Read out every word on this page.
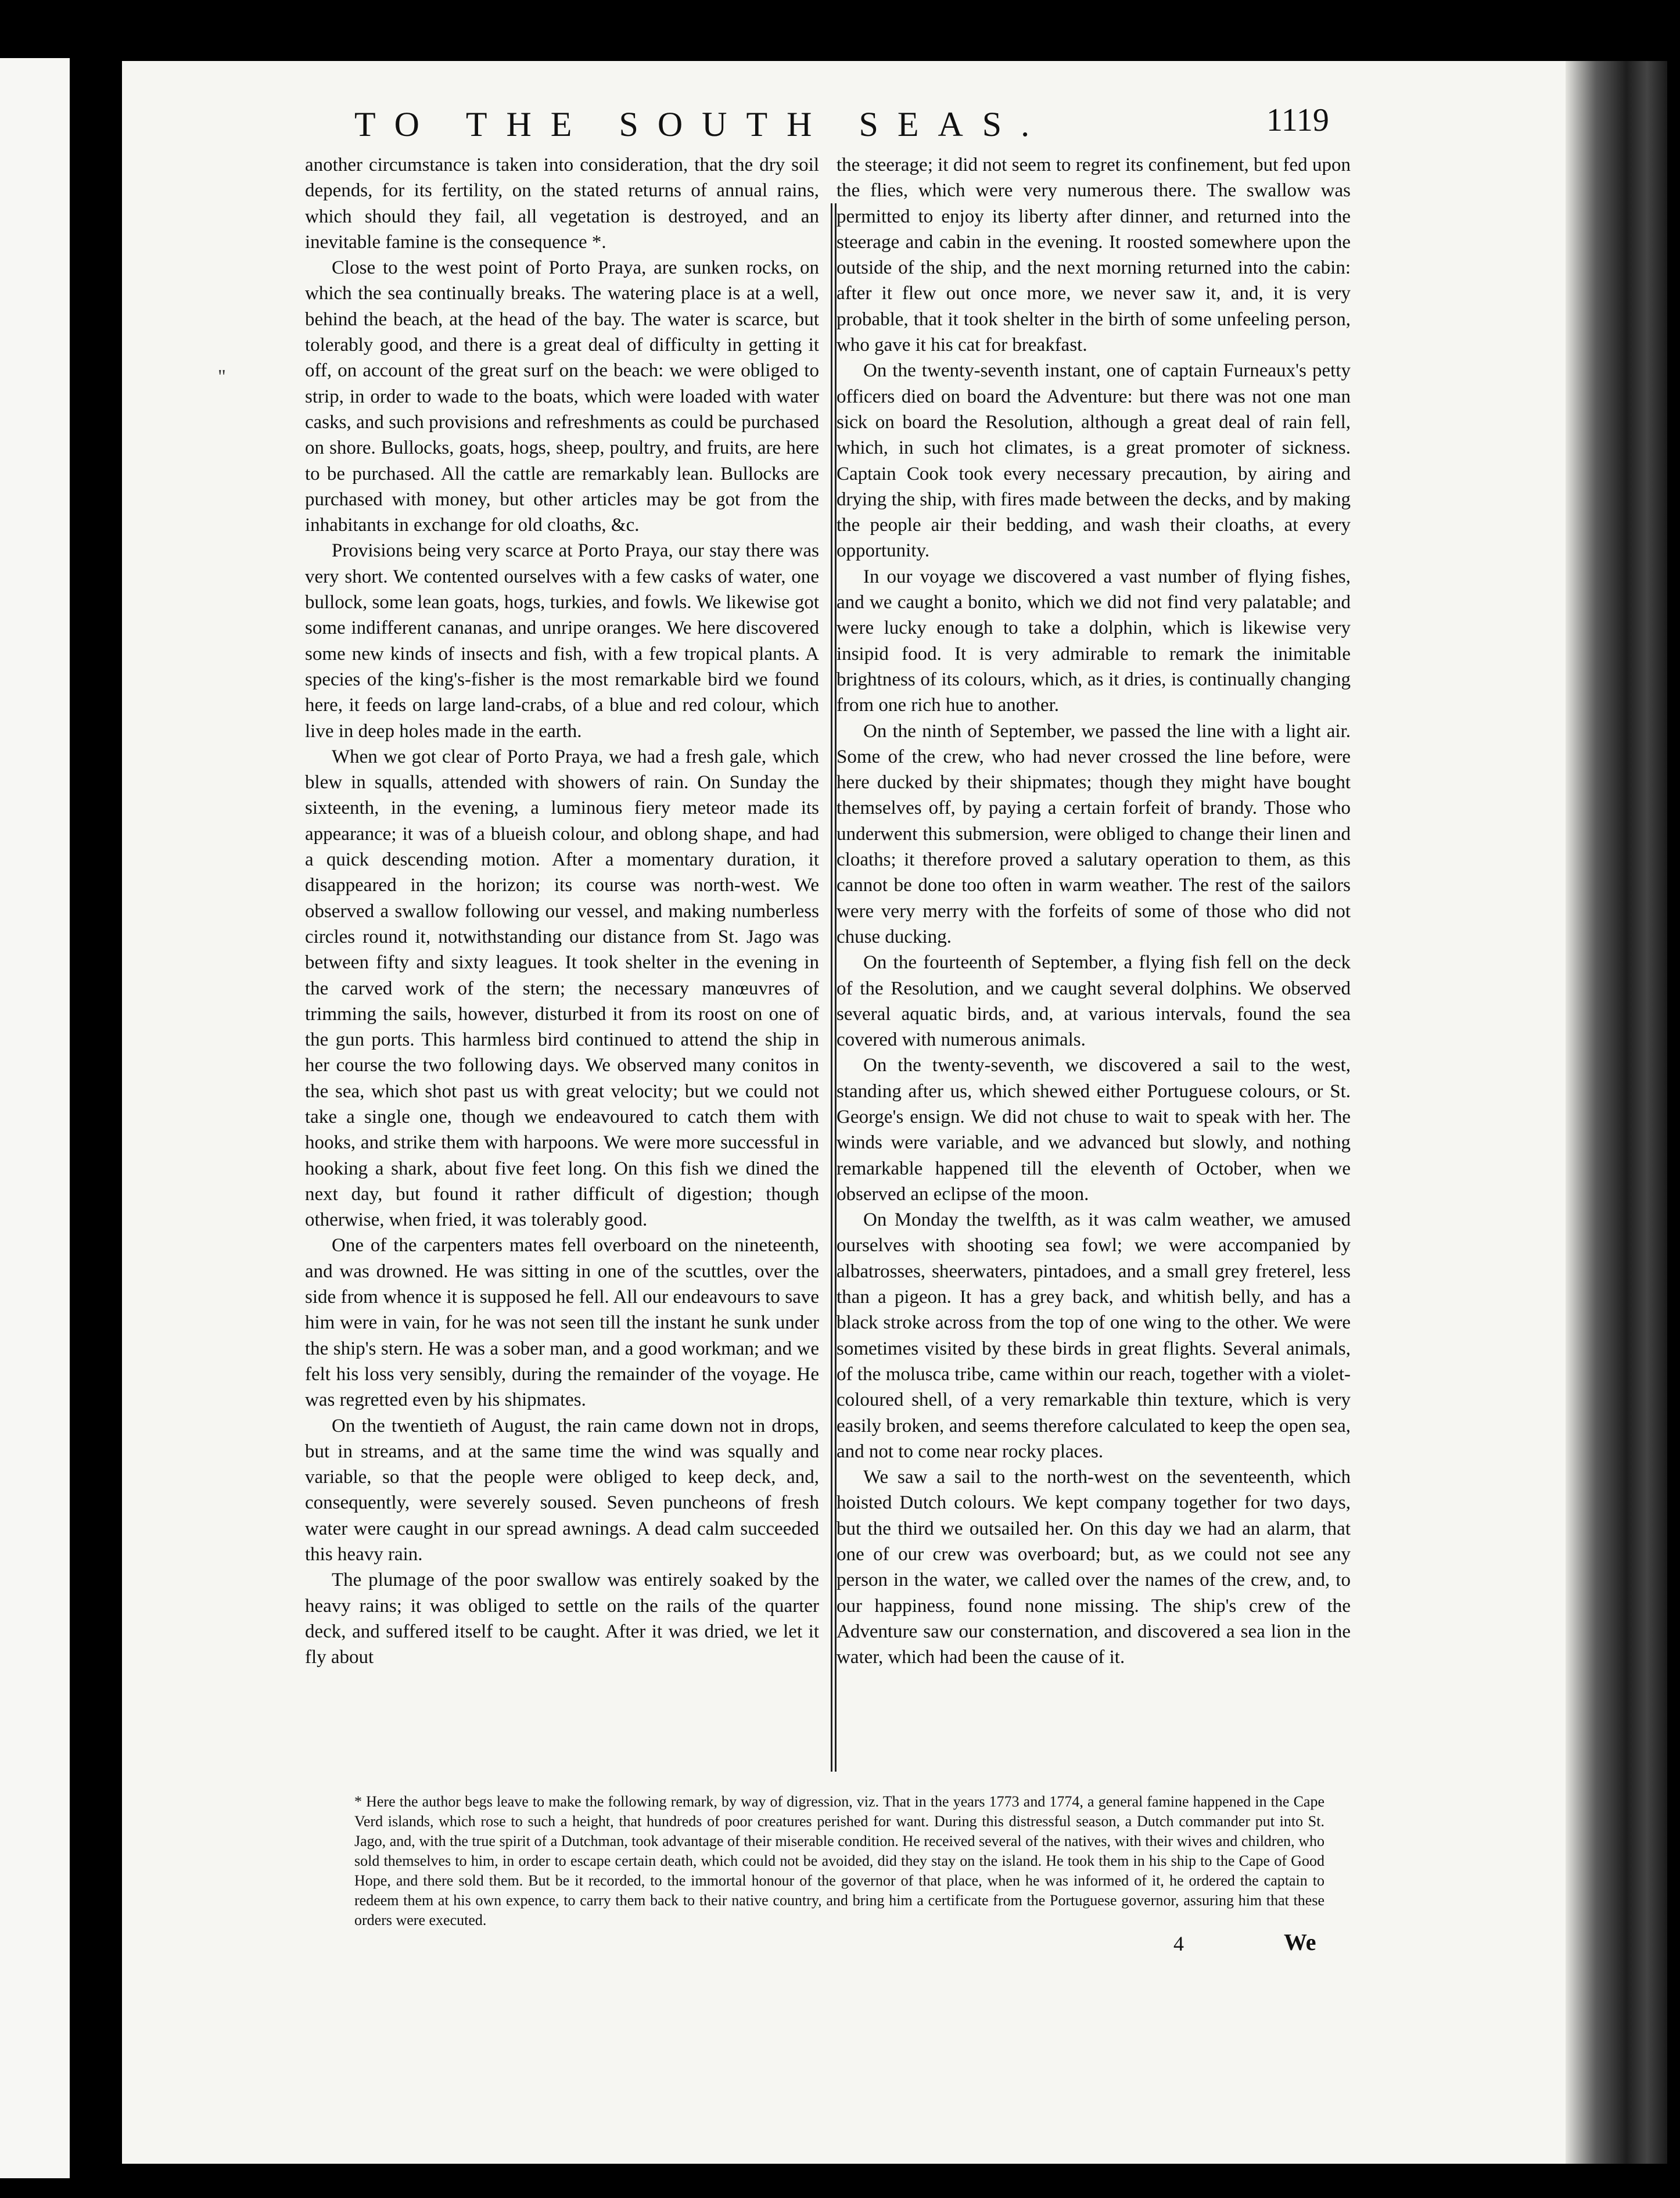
"
TO THE SOUTH SEAS.	1119

another circumstance is taken into consideration, that the dry soil depends, for its fertility, on the stated returns of annual rains, which should they fail, all vegetation is destroyed, and an inevitable famine is the consequence *.

Close to the west point of Porto Praya, are sunken rocks, on which the sea continually breaks. The watering place is at a well, behind the beach, at the head of the bay. The water is scarce, but tolerably good, and there is a great deal of difficulty in getting it off, on account of the great surf on the beach: we were obliged to strip, in order to wade to the boats, which were loaded with water casks, and such provisions and refreshments as could be purchased on shore. Bullocks, goats, hogs, sheep, poultry, and fruits, are here to be purchased. All the cattle are remarkably lean. Bullocks are purchased with money, but other articles may be got from the inhabitants in exchange for old cloaths, &c.

Provisions being very scarce at Porto Praya, our stay there was very short. We contented ourselves with a few casks of water, one bullock, some lean goats, hogs, turkies, and fowls. We likewise got some indifferent cananas, and unripe oranges. We here discovered some new kinds of insects and fish, with a few tropical plants. A species of the king's-fisher is the most remarkable bird we found here, it feeds on large land-crabs, of a blue and red colour, which live in deep holes made in the earth.

When we got clear of Porto Praya, we had a fresh gale, which blew in squalls, attended with showers of rain. On Sunday the sixteenth, in the evening, a luminous fiery meteor made its appearance; it was of a blueish colour, and oblong shape, and had a quick descending motion. After a momentary duration, it disappeared in the horizon; its course was north-west. We observed a swallow following our vessel, and making numberless circles round it, notwithstanding our distance from St. Jago was between fifty and sixty leagues. It took shelter in the evening in the carved work of the stern; the necessary manœuvres of trimming the sails, however, disturbed it from its roost on one of the gun ports. This harmless bird continued to attend the ship in her course the two following days. We observed many conitos in the sea, which shot past us with great velocity; but we could not take a single one, though we endeavoured to catch them with hooks, and strike them with harpoons. We were more successful in hooking a shark, about five feet long. On this fish we dined the next day, but found it rather difficult of digestion; though otherwise, when fried, it was tolerably good.

One of the carpenters mates fell overboard on the nineteenth, and was drowned. He was sitting in one of the scuttles, over the side from whence it is supposed he fell. All our endeavours to save him were in vain, for he was not seen till the instant he sunk under the ship's stern. He was a sober man, and a good workman; and we felt his loss very sensibly, during the remainder of the voyage. He was regretted even by his shipmates.

On the twentieth of August, the rain came down not in drops, but in streams, and at the same time the wind was squally and variable, so that the people were obliged to keep deck, and, consequently, were severely soused. Seven puncheons of fresh water were caught in our spread awnings. A dead calm succeeded this heavy rain.

The plumage of the poor swallow was entirely soaked by the heavy rains; it was obliged to settle on the rails of the quarter deck, and suffered itself to be caught. After it was dried, we let it fly about

the steerage; it did not seem to regret its confinement, but fed upon the flies, which were very numerous there. The swallow was permitted to enjoy its liberty after dinner, and returned into the steerage and cabin in the evening. It roosted somewhere upon the outside of the ship, and the next morning returned into the cabin: after it flew out once more, we never saw it, and, it is very probable, that it took shelter in the birth of some unfeeling person, who gave it his cat for breakfast.

On the twenty-seventh instant, one of captain Furneaux's petty officers died on board the Adventure: but there was not one man sick on board the Resolution, although a great deal of rain fell, which, in such hot climates, is a great promoter of sickness. Captain Cook took every necessary precaution, by airing and drying the ship, with fires made between the decks, and by making the people air their bedding, and wash their cloaths, at every opportunity.

In our voyage we discovered a vast number of flying fishes, and we caught a bonito, which we did not find very palatable; and were lucky enough to take a dolphin, which is likewise very insipid food. It is very admirable to remark the inimitable brightness of its colours, which, as it dries, is continually changing from one rich hue to another.

On the ninth of September, we passed the line with a light air. Some of the crew, who had never crossed the line before, were here ducked by their shipmates; though they might have bought themselves off, by paying a certain forfeit of brandy. Those who underwent this submersion, were obliged to change their linen and cloaths; it therefore proved a salutary operation to them, as this cannot be done too often in warm weather. The rest of the sailors were very merry with the forfeits of some of those who did not chuse ducking.

On the fourteenth of September, a flying fish fell on the deck of the Resolution, and we caught several dolphins. We observed several aquatic birds, and, at various intervals, found the sea covered with numerous animals.

On the twenty-seventh, we discovered a sail to the west, standing after us, which shewed either Portuguese colours, or St. George's ensign. We did not chuse to wait to speak with her. The winds were variable, and we advanced but slowly, and nothing remarkable happened till the eleventh of October, when we observed an eclipse of the moon.

On Monday the twelfth, as it was calm weather, we amused ourselves with shooting sea fowl; we were accompanied by albatrosses, sheerwaters, pintadoes, and a small grey freterel, less than a pigeon. It has a grey back, and whitish belly, and has a black stroke across from the top of one wing to the other. We were sometimes visited by these birds in great flights. Several animals, of the molusca tribe, came within our reach, together with a violet-coloured shell, of a very remarkable thin texture, which is very easily broken, and seems therefore calculated to keep the open sea, and not to come near rocky places.

We saw a sail to the north-west on the seventeenth, which hoisted Dutch colours. We kept company together for two days, but the third we outsailed her. On this day we had an alarm, that one of our crew was overboard; but, as we could not see any person in the water, we called over the names of the crew, and, to our happiness, found none missing. The ship's crew of the Adventure saw our consternation, and discovered a sea lion in the water, which had been the cause of it.

* Here the author begs leave to make the following remark, by way of digression, viz. That in the years 1773 and 1774, a general famine happened in the Cape Verd islands, which rose to such a height, that hundreds of poor creatures perished for want. During this distressful season, a Dutch commander put into St. Jago, and, with the true spirit of a Dutchman, took advantage of their miserable condition. He received several of the natives, with their wives and children, who sold themselves to him, in order to escape certain death, which could not be avoided, did they stay on the island. He took them in his ship to the Cape of Good Hope, and there sold them. But be it recorded, to the immortal honour of the governor of that place, when he was informed of it, he ordered the captain to redeem them at his own expence, to carry them back to their native country, and bring him a certificate from the Portuguese governor, assuring him that these orders were executed.
4	We
